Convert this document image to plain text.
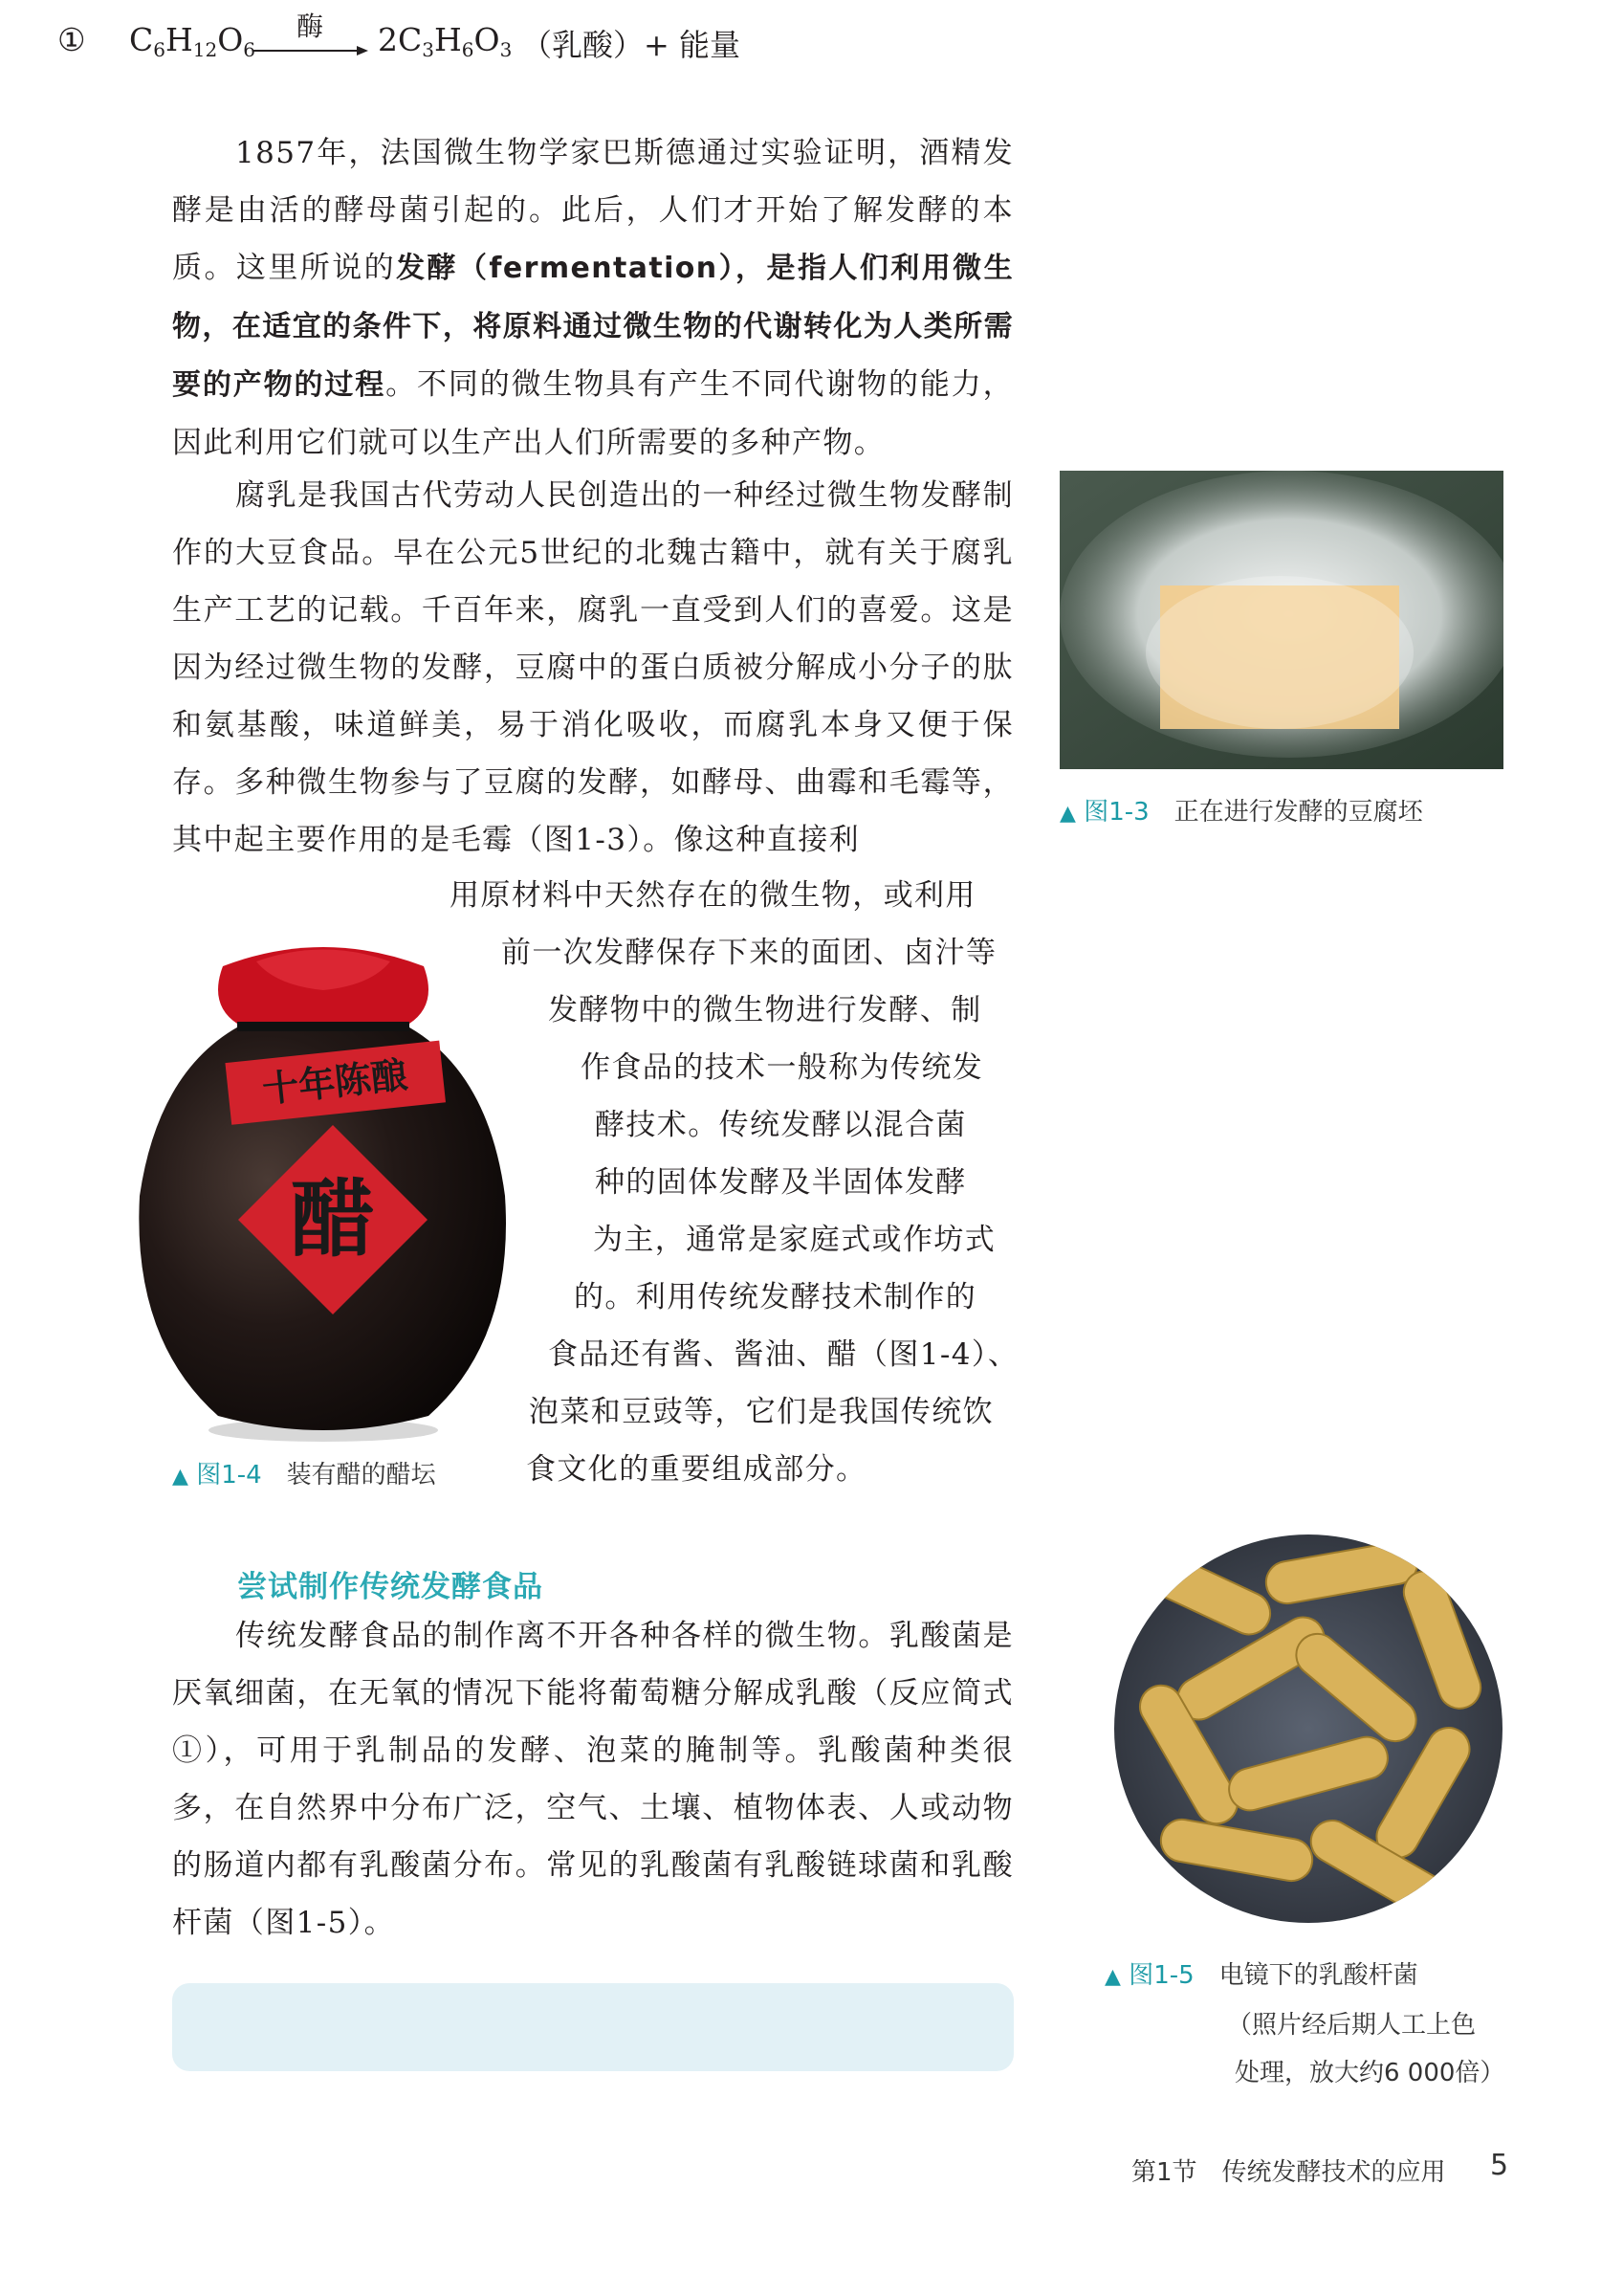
1857年，法国微生物学家巴斯德通过实验证明，酒精发酵是由活的酵母菌引起的。此后，人们才开始了解发酵的本质。这里所说的发酵（fermentation），是指人们利用微生物，在适宜的条件下，将原料通过微生物的代谢转化为人类所需要的产物的过程。不同的微生物具有产生不同代谢物的能力，因此利用它们就可以生产出人们所需要的多种产物。

腐乳是我国古代劳动人民创造出的一种经过微生物发酵制作的大豆食品。早在公元5世纪的北魏古籍中，就有关于腐乳生产工艺的记载。千百年来，腐乳一直受到人们的喜爱。这是因为经过微生物的发酵，豆腐中的蛋白质被分解成小分子的肽和氨基酸，味道鲜美，易于消化吸收，而腐乳本身又便于保存。多种微生物参与了豆腐的发酵，如酵母、曲霉和毛霉等，其中起主要作用的是毛霉（图1-3）。像这种直接利

用原材料中天然存在的微生物，或利用
前一次发酵保存下来的面团、卤汁等
发酵物中的微生物进行发酵、制
作食品的技术一般称为传统发
酵技术。传统发酵以混合菌
种的固体发酵及半固体发酵
为主，通常是家庭式或作坊式
的。利用传统发酵技术制作的
食品还有酱、酱油、醋（图1-4）、
泡菜和豆豉等，它们是我国传统饮
食文化的重要组成部分。
▲ 图1-3 正在进行发酵的豆腐坯
十年陈酿
醋
▲ 图1-4 装有醋的醋坛
尝试制作传统发酵食品

传统发酵食品的制作离不开各种各样的微生物。乳酸菌是厌氧细菌，在无氧的情况下能将葡萄糖分解成乳酸（反应简式①），可用于乳制品的发酵、泡菜的腌制等。乳酸菌种类很多，在自然界中分布广泛，空气、土壤、植物体表、人或动物的肠道内都有乳酸菌分布。常见的乳酸菌有乳酸链球菌和乳酸杆菌（图1-5）。

▲ 图1-5 电镜下的乳酸杆菌
（照片经后期人工上色
处理，放大约6 000倍）
① $C_6H_{12}O_6$
酶 → $2C_3H_6O_3$ （乳酸）+ 能量
第1节　传统发酵技术的应用 5
